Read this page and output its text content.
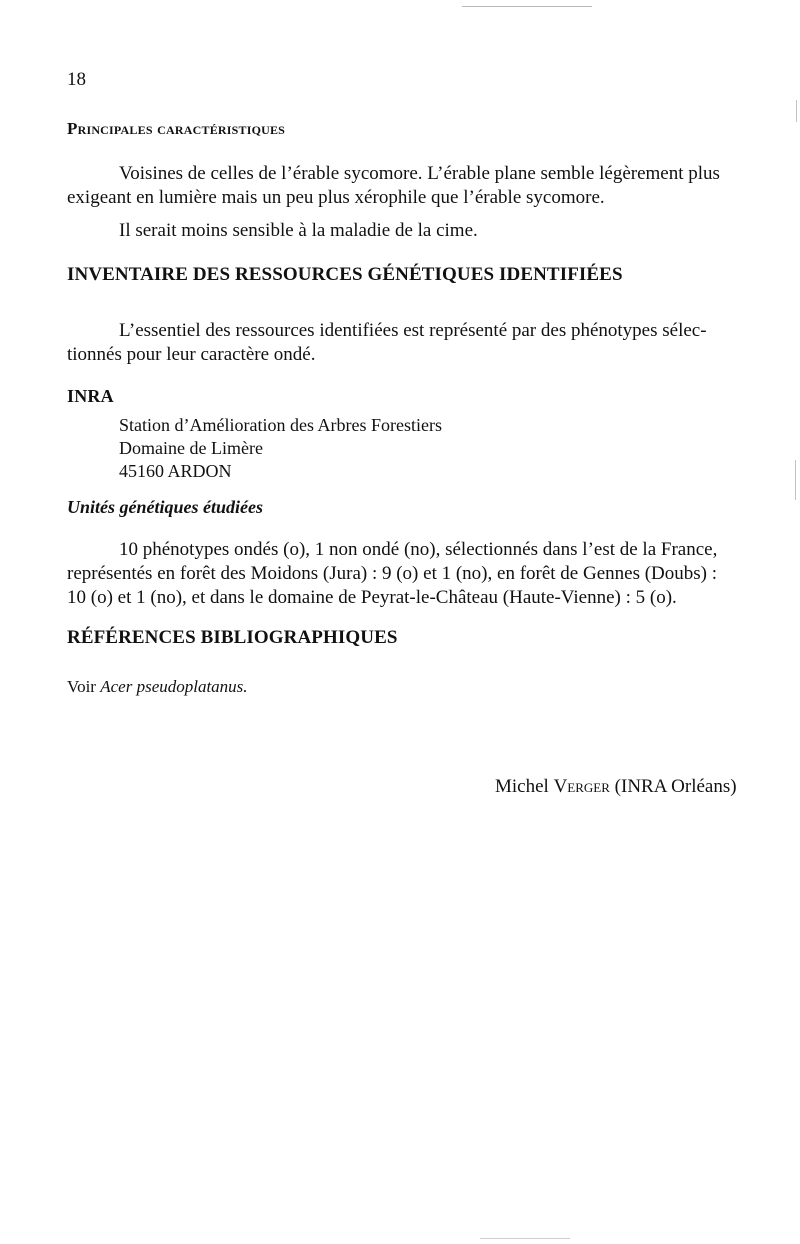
18
Principales caractéristiques
Voisines de celles de l’érable sycomore. L’érable plane semble légèrement plus
exigeant en lumière mais un peu plus xérophile que l’érable sycomore.
Il serait moins sensible à la maladie de la cime.
INVENTAIRE DES RESSOURCES GÉNÉTIQUES IDENTIFIÉES
L’essentiel des ressources identifiées est représenté par des phénotypes sélec-
tionnés pour leur caractère ondé.
INRA
Station d’Amélioration des Arbres Forestiers
Domaine de Limère
45160 ARDON
Unités génétiques étudiées
10 phénotypes ondés (o), 1 non ondé (no), sélectionnés dans l’est de la France,
représentés en forêt des Moidons (Jura) : 9 (o) et 1 (no), en forêt de Gennes (Doubs) :
10 (o) et 1 (no), et dans le domaine de Peyrat-le-Château (Haute-Vienne) : 5 (o).
RÉFÉRENCES BIBLIOGRAPHIQUES
Voir Acer pseudoplatanus.
Michel Verger (INRA Orléans)
